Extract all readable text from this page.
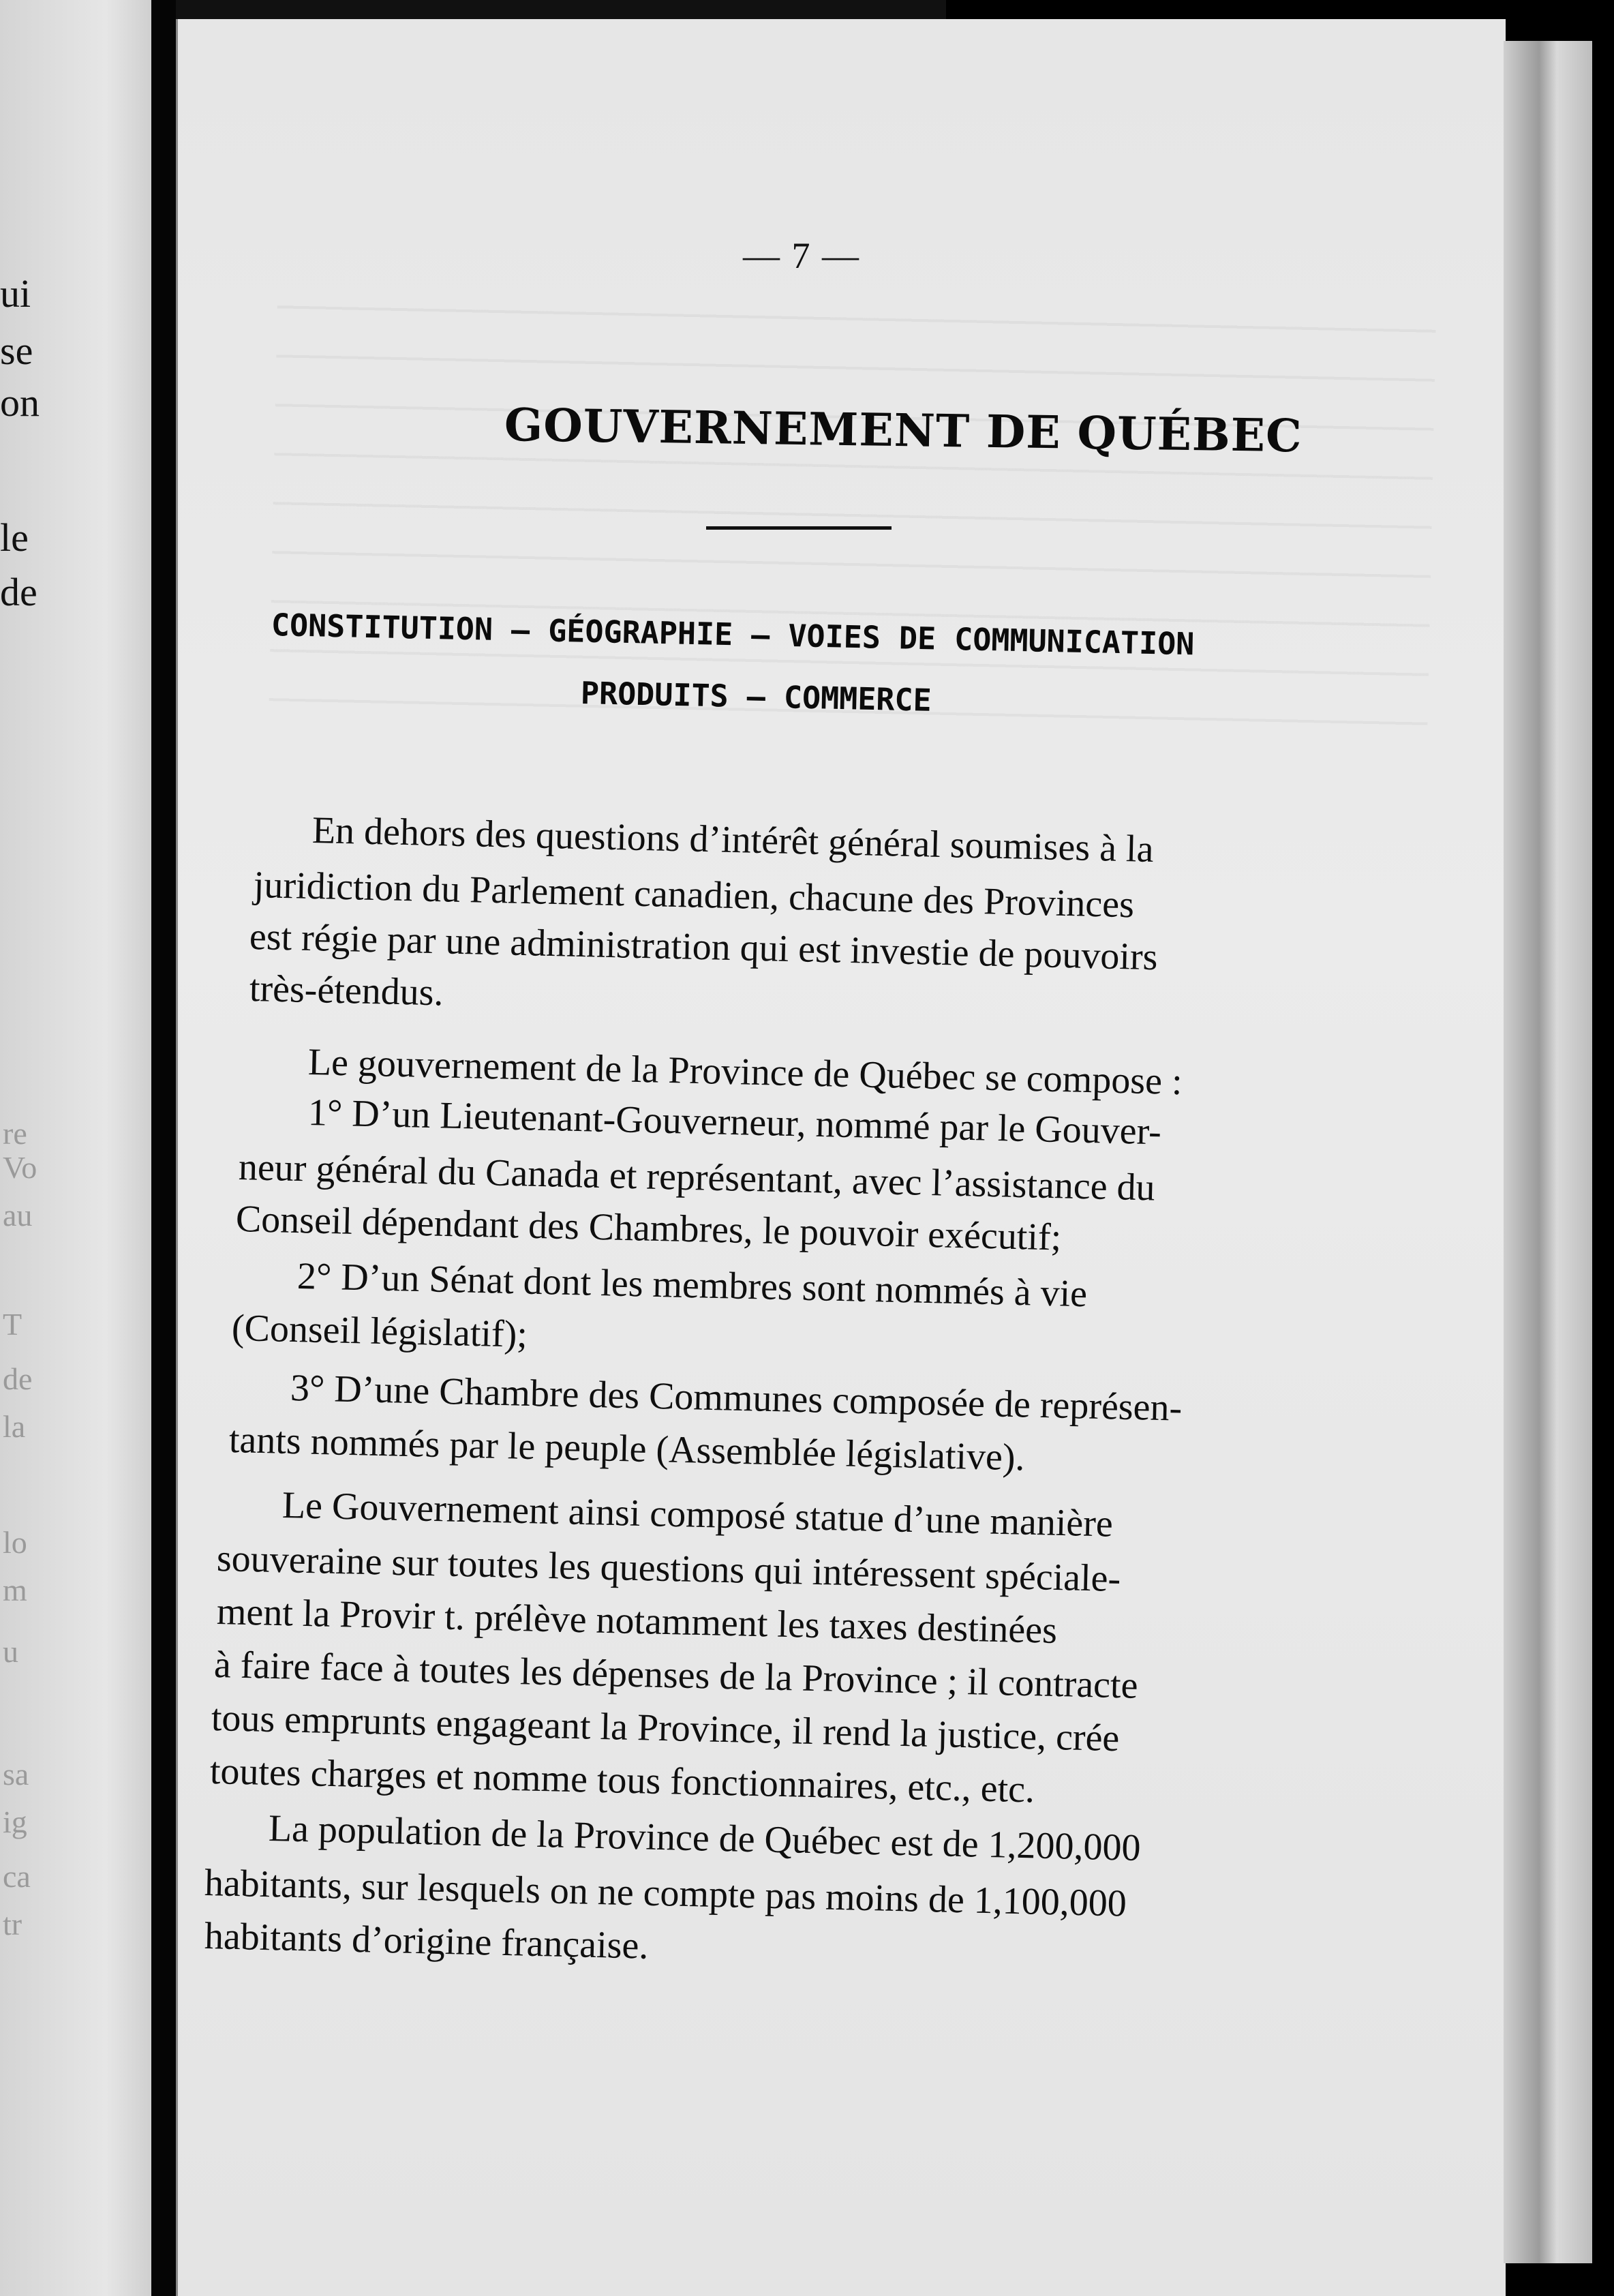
ui
se
on
le
de
re
Vo
au
T
de
la
lo
m
u
sa
ig
ca
tr
— 7 —
GOUVERNEMENT DE QUÉBEC
CONSTITUTION — GÉOGRAPHIE — VOIES DE COMMUNICATION
PRODUITS — COMMERCE
En dehors des questions d’intérêt général soumises à la
juridiction du Parlement canadien, chacune des Provinces
est régie par une administration qui est investie de pouvoirs
très-étendus.
Le gouvernement de la Province de Québec se compose :
1° D’un Lieutenant-Gouverneur, nommé par le Gouver-
neur général du Canada et représentant, avec l’assistance du
Conseil dépendant des Chambres, le pouvoir exécutif;
2° D’un Sénat dont les membres sont nommés à vie
(Conseil législatif);
3° D’une Chambre des Communes composée de représen-
tants nommés par le peuple (Assemblée législative).
Le Gouvernement ainsi composé statue d’une manière
souveraine sur toutes les questions qui intéressent spéciale-
ment la Provir t. prélève notamment les taxes destinées
à faire face à toutes les dépenses de la Province ; il contracte
tous emprunts engageant la Province, il rend la justice, crée
toutes charges et nomme tous fonctionnaires, etc., etc.
La population de la Province de Québec est de 1,200,000
habitants, sur lesquels on ne compte pas moins de 1,100,000
habitants d’origine française.
